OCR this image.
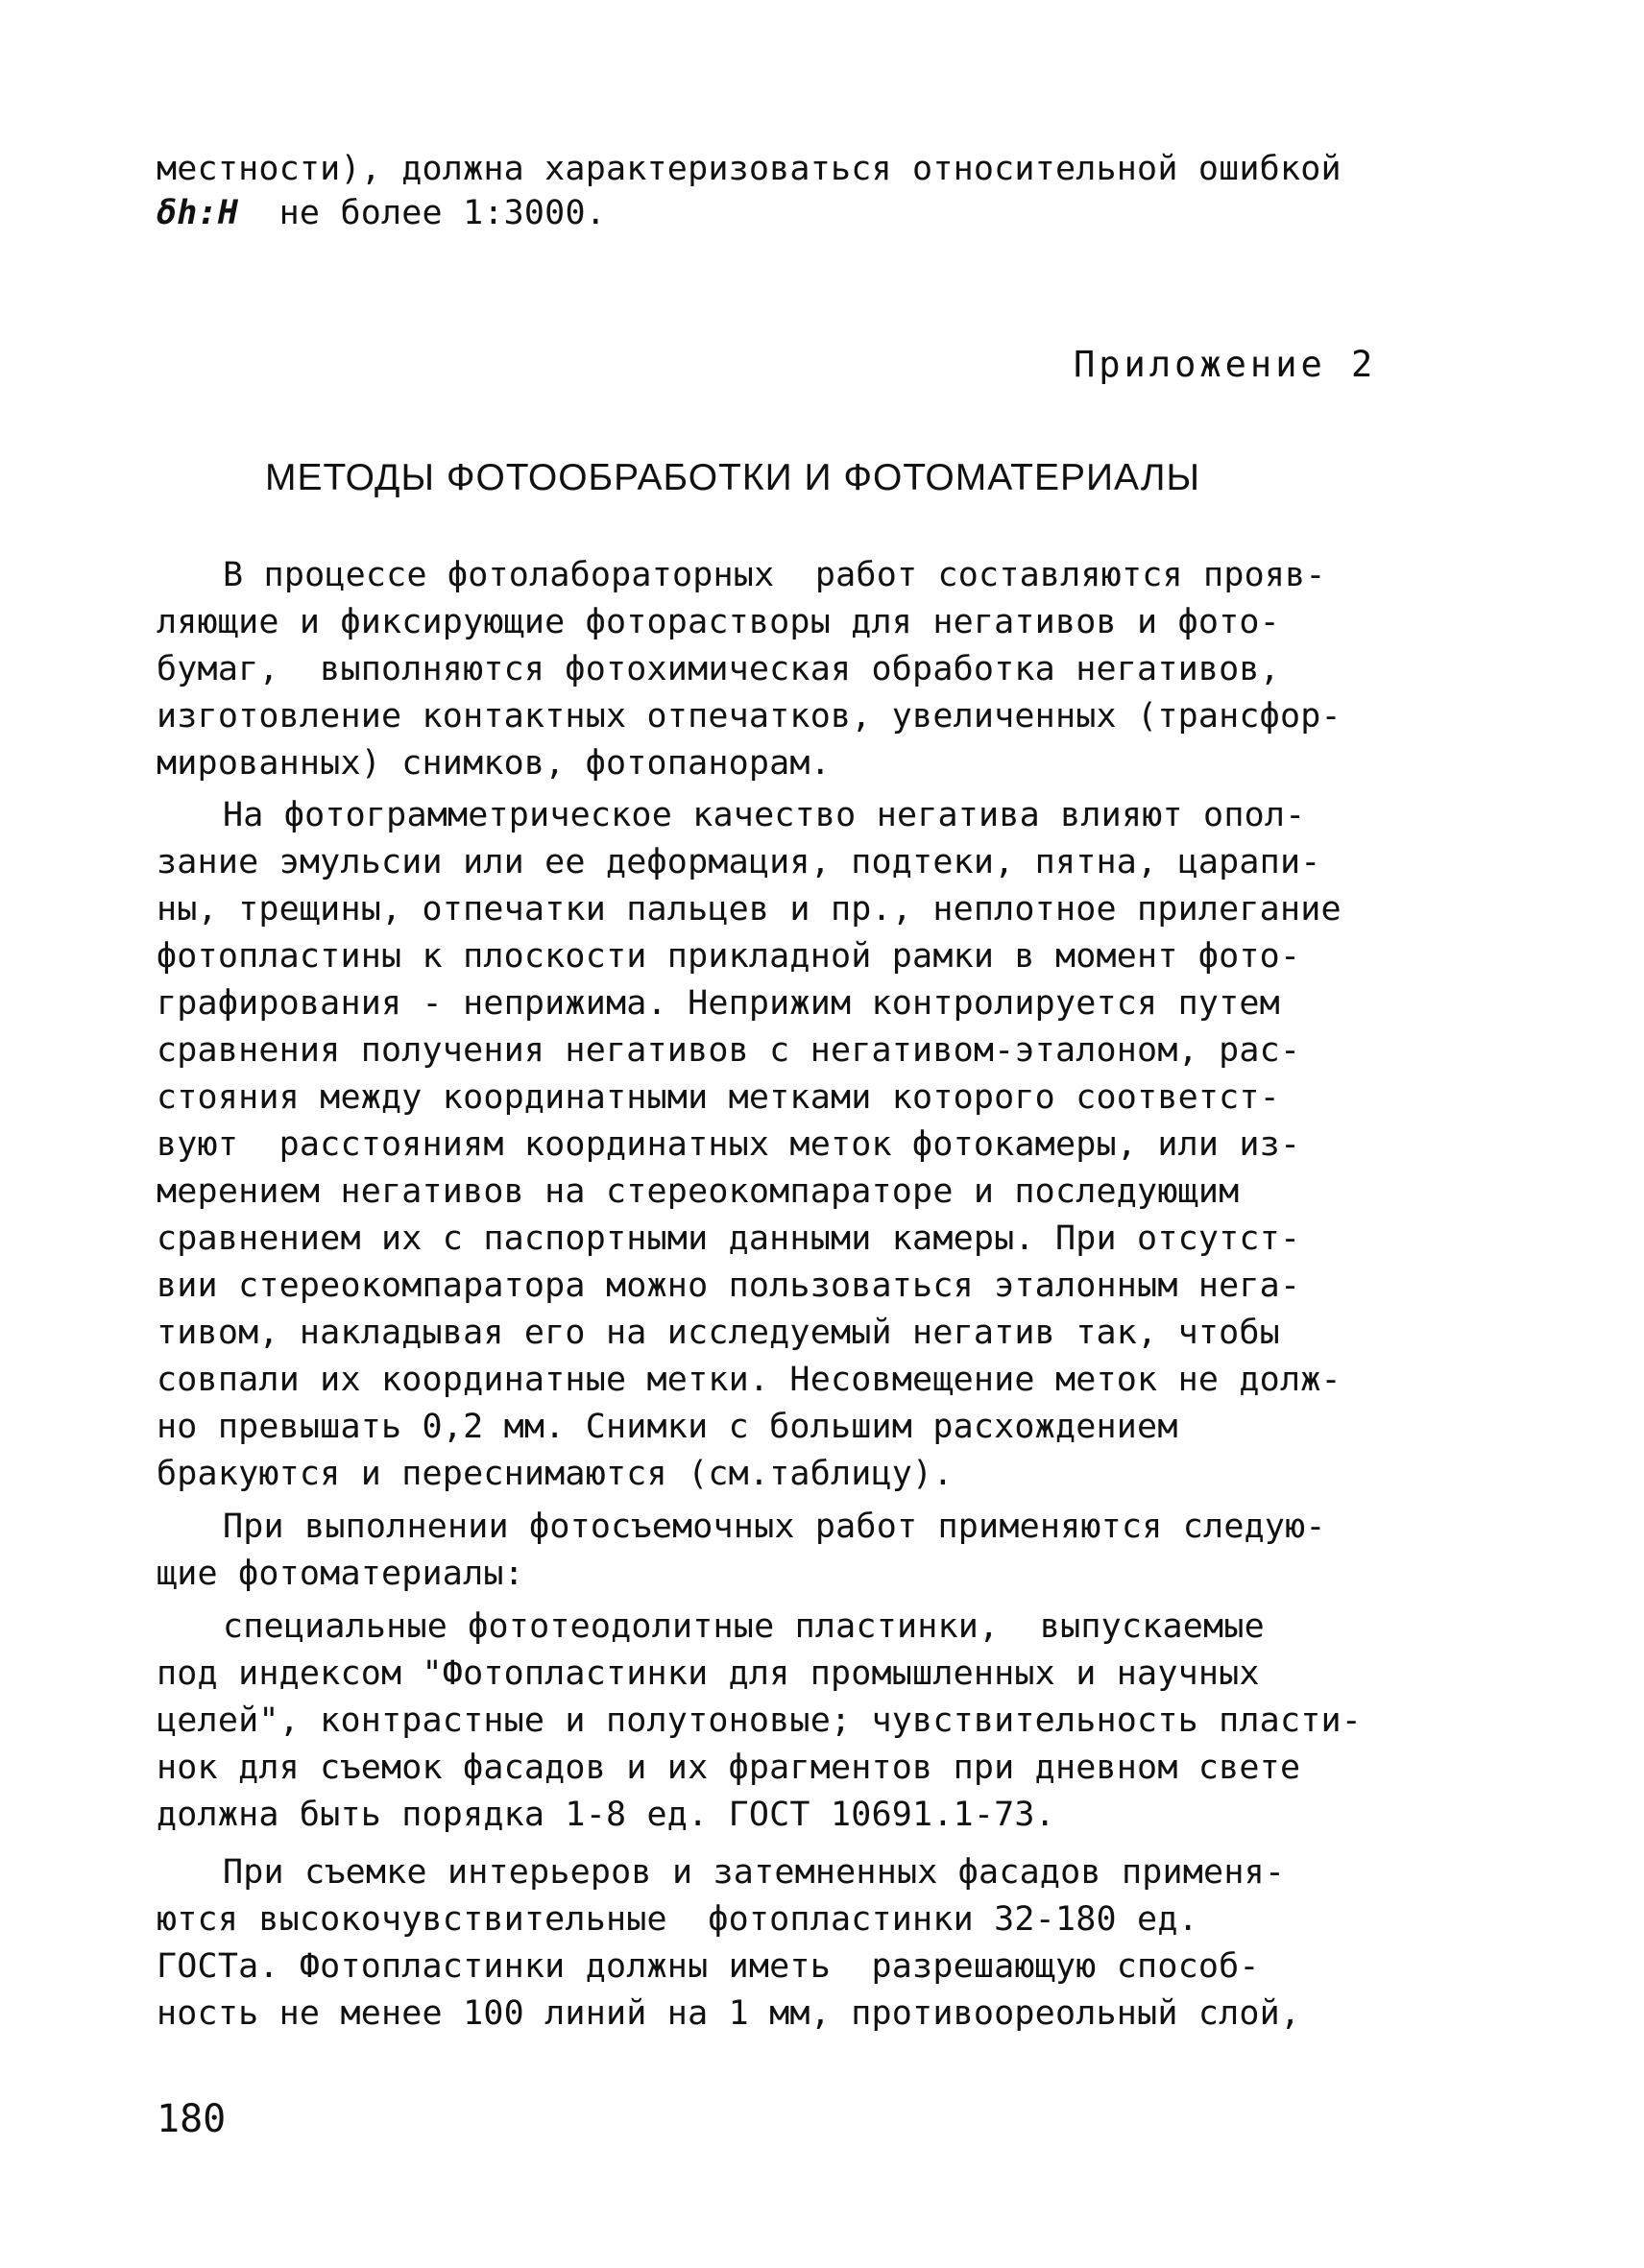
местности), должна характеризоваться относительной ошибкой
δh:H  не более 1:3000.
Приложение 2
МЕТОДЫ ФОТООБРАБОТКИ И ФОТОМАТЕРИАЛЫ
В процессе фотолабораторных  работ составляются прояв-
ляющие и фиксирующие фоторастворы для негативов и фото-
бумаг,  выполняются фотохимическая обработка негативов,
изготовление контактных отпечатков, увеличенных (трансфор-
мированных) снимков, фотопанорам.
На фотограмметрическое качество негатива влияют опол-
зание эмульсии или ее деформация, подтеки, пятна, царапи-
ны, трещины, отпечатки пальцев и пр., неплотное прилегание
фотопластины к плоскости прикладной рамки в момент фото-
графирования - неприжима. Неприжим контролируется путем
сравнения получения негативов с негативом-эталоном, рас-
стояния между координатными метками которого соответст-
вуют  расстояниям координатных меток фотокамеры, или из-
мерением негативов на стереокомпараторе и последующим
сравнением их с паспортными данными камеры. При отсутст-
вии стереокомпаратора можно пользоваться эталонным нега-
тивом, накладывая его на исследуемый негатив так, чтобы
совпали их координатные метки. Несовмещение меток не долж-
но превышать 0,2 мм. Снимки с большим расхождением
бракуются и переснимаются (см.таблицу).
При выполнении фотосъемочных работ применяются следую-
щие фотоматериалы:
специальные фототеодолитные пластинки,  выпускаемые
под индексом "Фотопластинки для промышленных и научных
целей", контрастные и полутоновые; чувствительность пласти-
нок для съемок фасадов и их фрагментов при дневном свете
должна быть порядка 1-8 ед. ГОСТ 10691.1-73.
При съемке интерьеров и затемненных фасадов применя-
ются высокочувствительные  фотопластинки 32-180 ед.
ГОСТа. Фотопластинки должны иметь  разрешающую способ-
ность не менее 100 линий на 1 мм, противоореольный слой,
180
